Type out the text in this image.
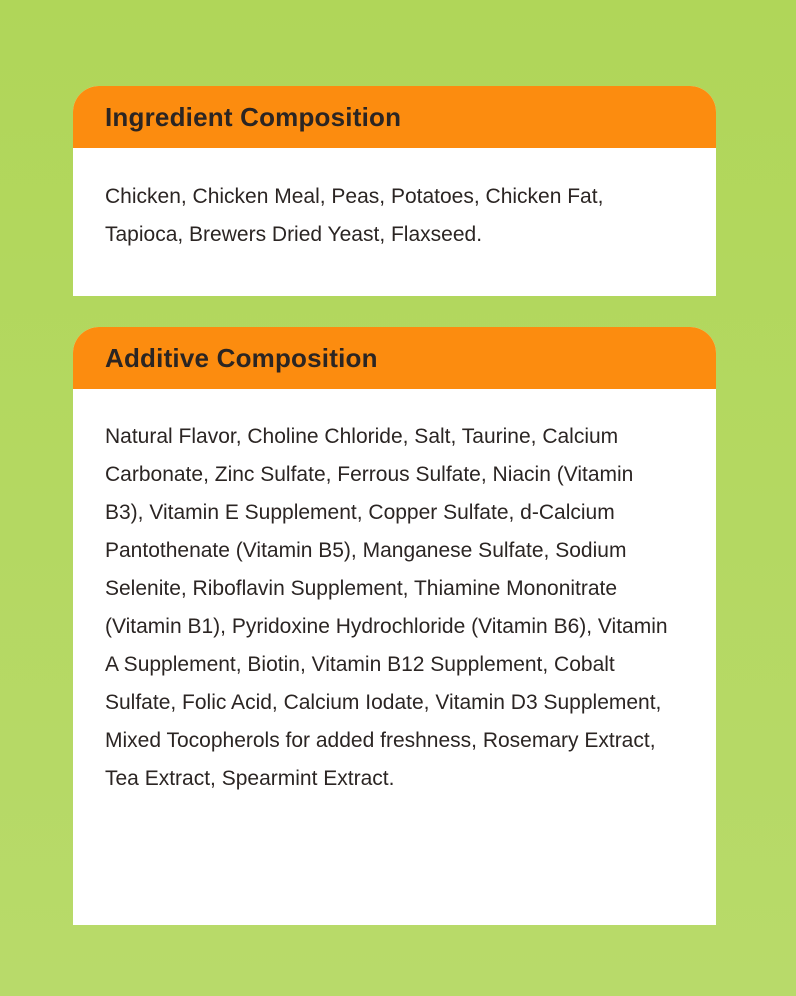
Ingredient Composition
Chicken, Chicken Meal, Peas, Potatoes, Chicken Fat, Tapioca, Brewers Dried Yeast, Flaxseed.
Additive Composition
Natural Flavor, Choline Chloride, Salt, Taurine, Calcium Carbonate, Zinc Sulfate, Ferrous Sulfate, Niacin (Vitamin B3), Vitamin E Supplement, Copper Sulfate, d-Calcium Pantothenate (Vitamin B5), Manganese Sulfate, Sodium Selenite, Riboflavin Supplement, Thiamine Mononitrate (Vitamin B1), Pyridoxine Hydrochloride (Vitamin B6), Vitamin A Supplement, Biotin, Vitamin B12 Supplement, Cobalt Sulfate, Folic Acid, Calcium Iodate, Vitamin D3 Supplement, Mixed Tocopherols for added freshness, Rosemary Extract, Tea Extract, Spearmint Extract.
